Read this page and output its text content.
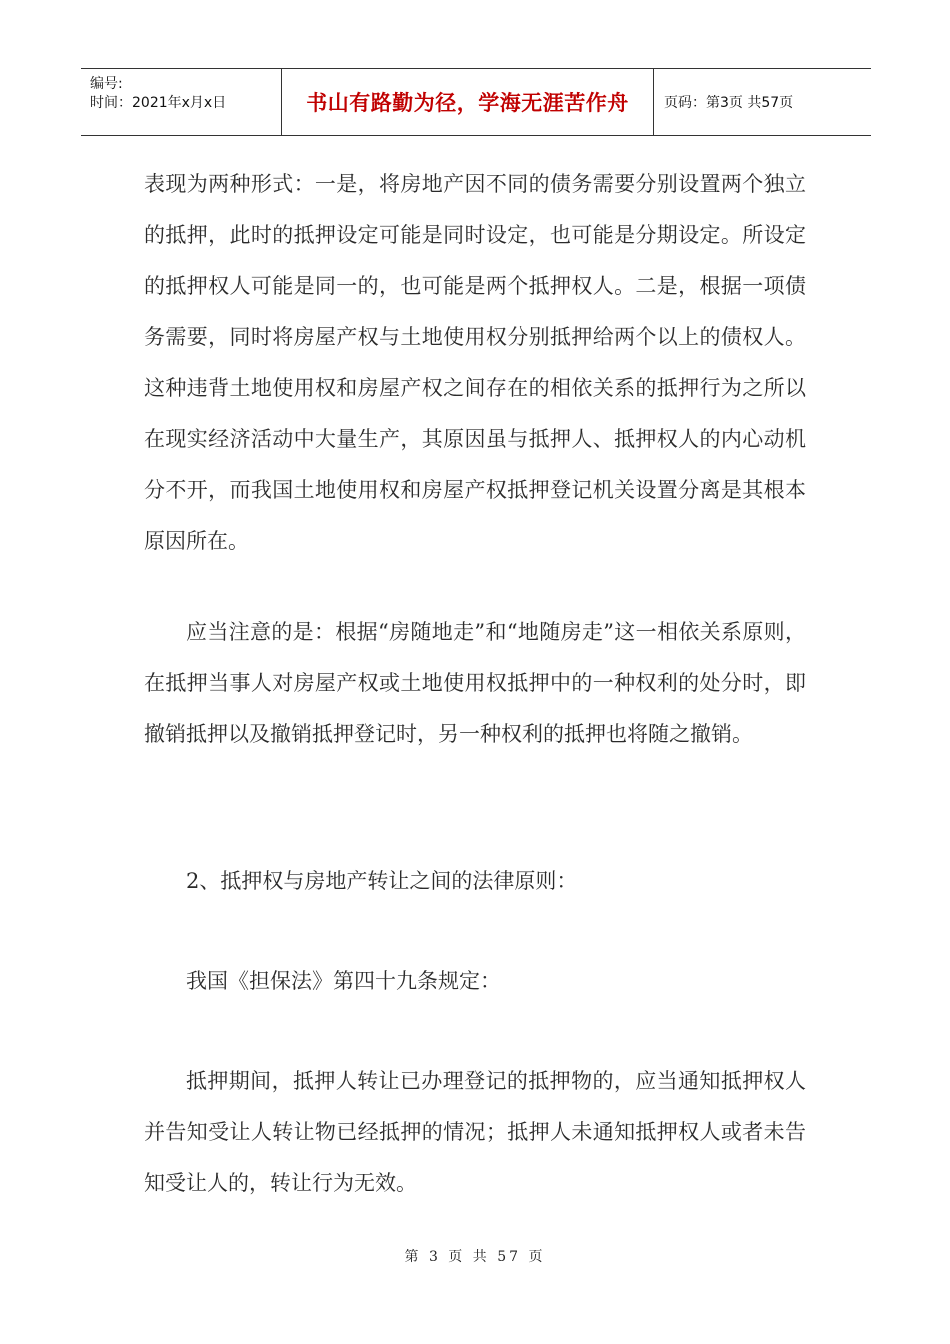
编号:
时间：2021年x月x日	书山有路勤为径，学海无涯苦作舟	页码：第3页 共57页

表现为两种形式：一是，将房地产因不同的债务需要分别设置两个独立的抵押，此时的抵押设定可能是同时设定，也可能是分期设定。所设定的抵押权人可能是同一的，也可能是两个抵押权人。二是，根据一项债务需要，同时将房屋产权与土地使用权分别抵押给两个以上的债权人。这种违背土地使用权和房屋产权之间存在的相依关系的抵押行为之所以在现实经济活动中大量生产，其原因虽与抵押人、抵押权人的内心动机分不开，而我国土地使用权和房屋产权抵押登记机关设置分离是其根本原因所在。

应当注意的是：根据“房随地走”和“地随房走”这一相依关系原则，在抵押当事人对房屋产权或土地使用权抵押中的一种权利的处分时，即撤销抵押以及撤销抵押登记时，另一种权利的抵押也将随之撤销。

2、抵押权与房地产转让之间的法律原则：

我国《担保法》第四十九条规定：

抵押期间，抵押人转让已办理登记的抵押物的，应当通知抵押权人并告知受让人转让物已经抵押的情况；抵押人未通知抵押权人或者未告知受让人的，转让行为无效。

第 3 页 共 57 页
